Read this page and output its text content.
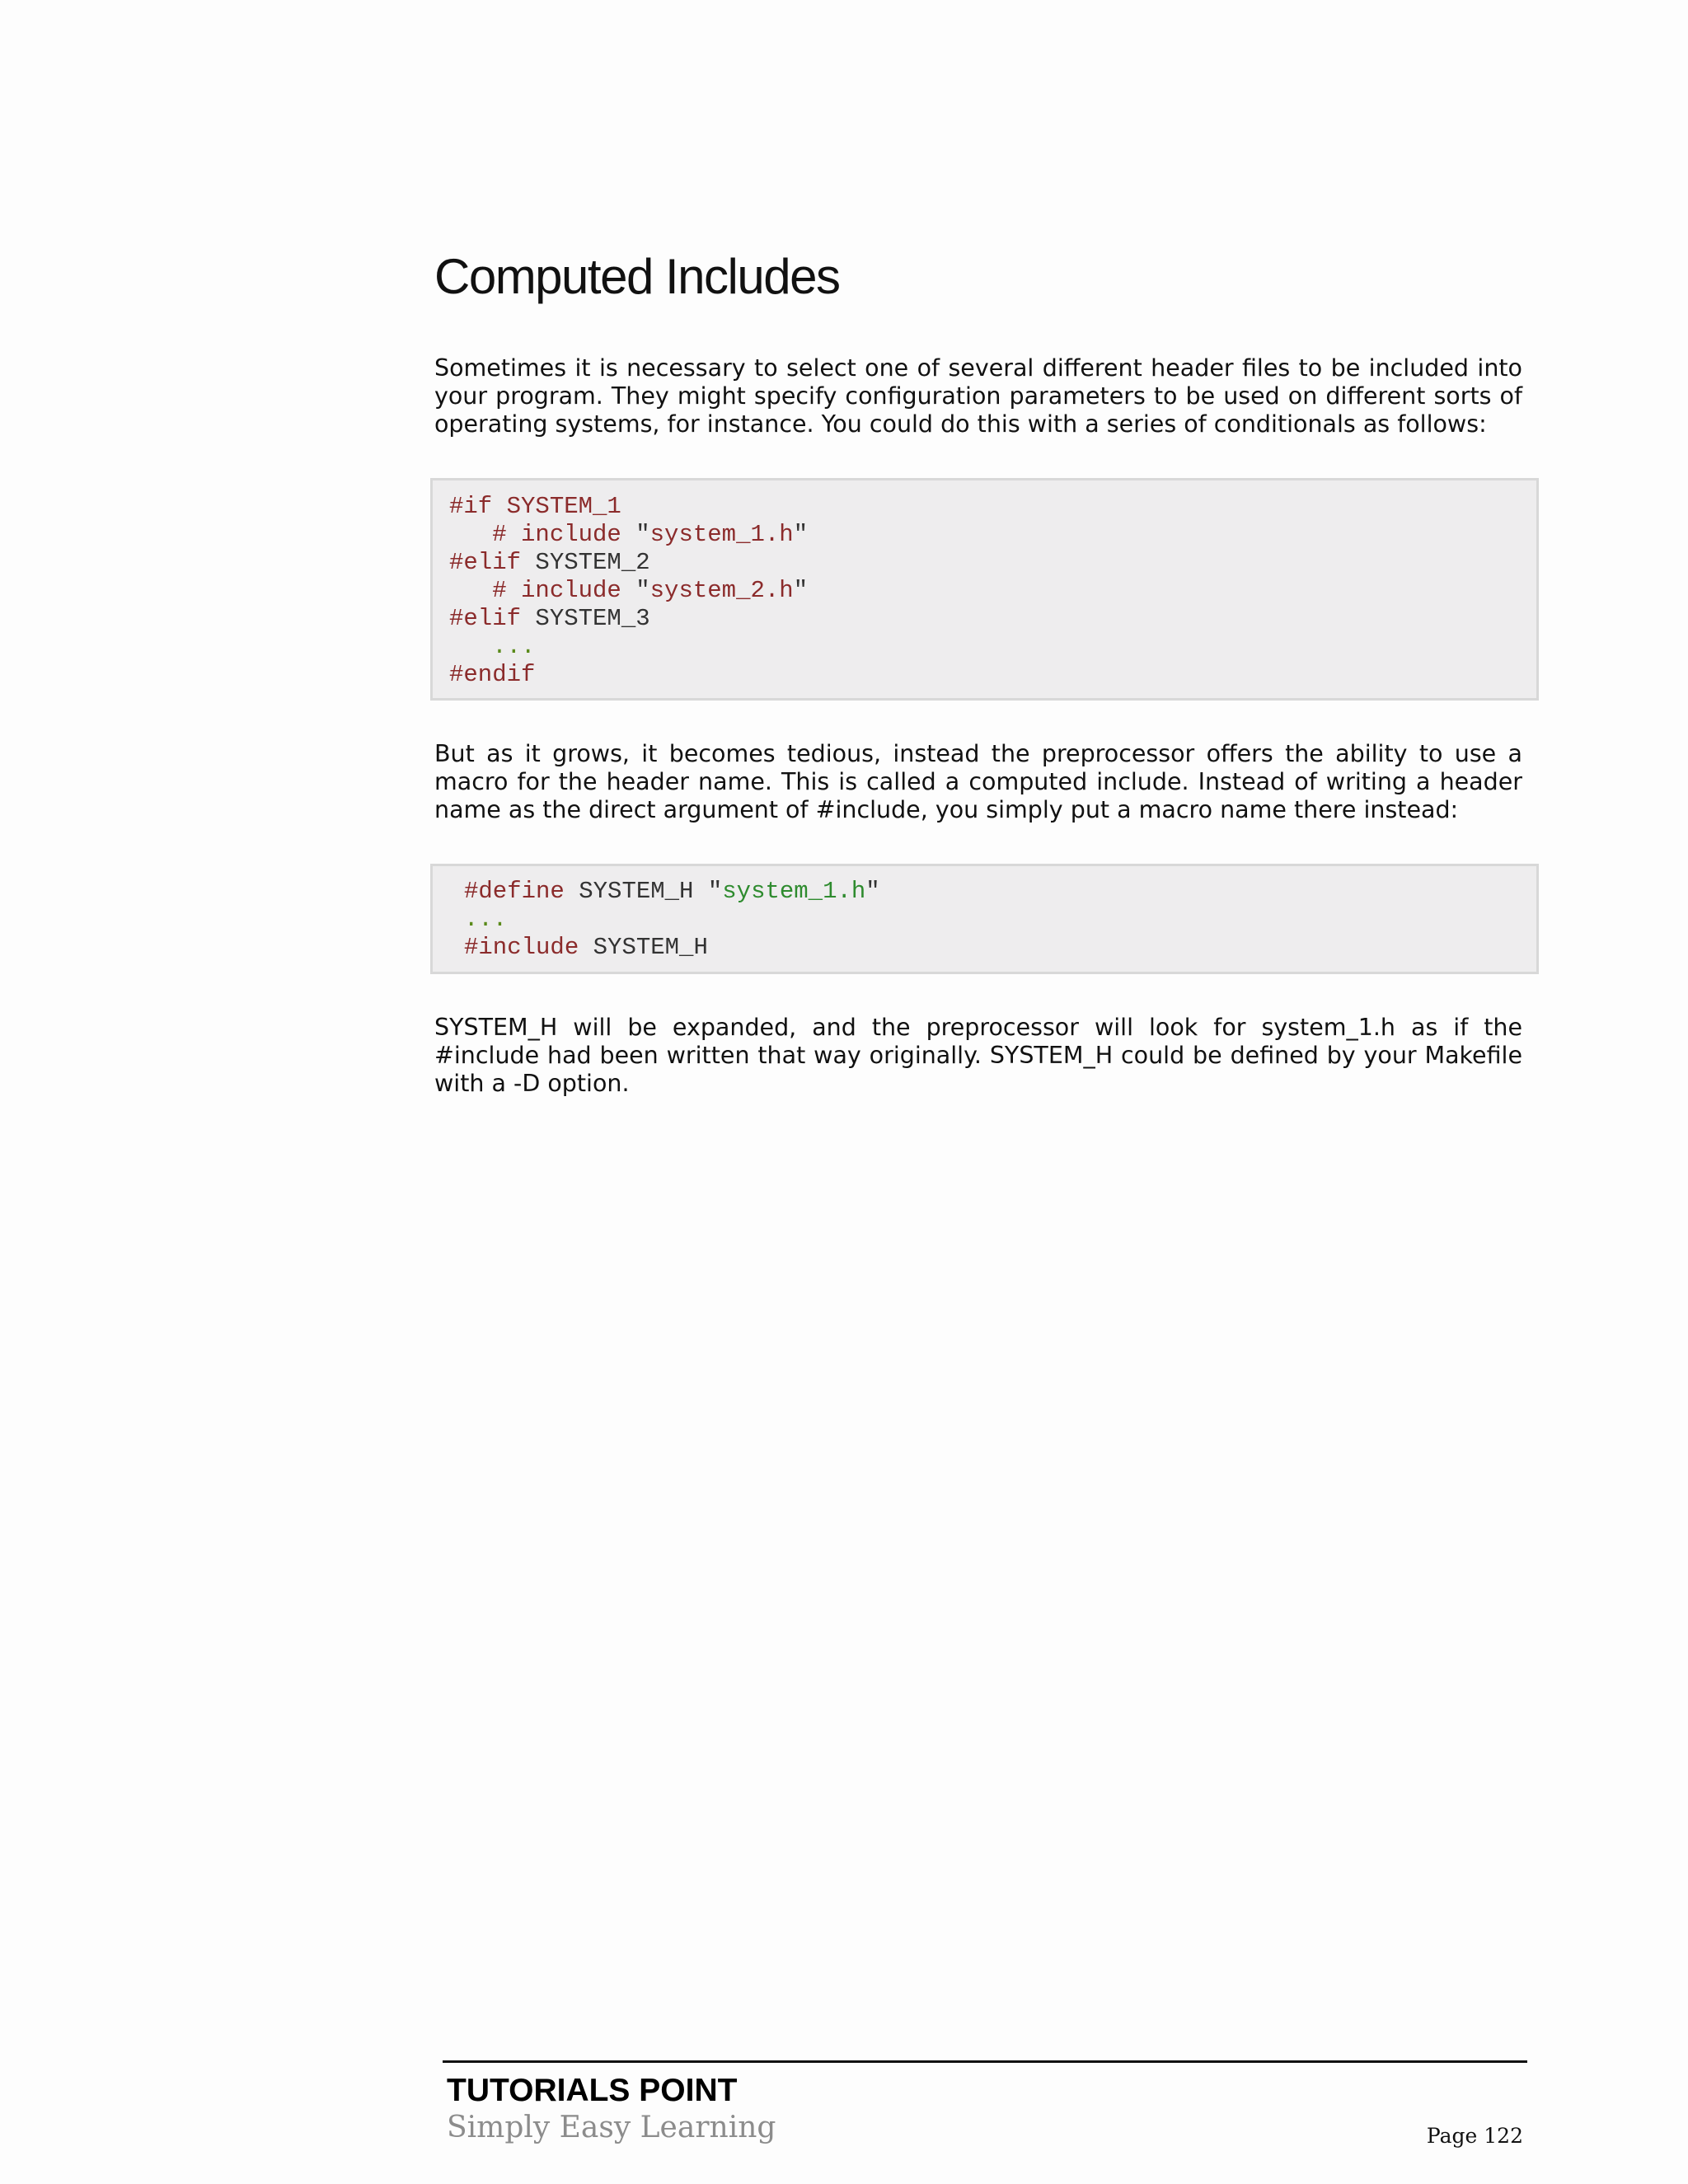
Computed Includes

Sometimes it is necessary to select one of several different header files to be included into your program. They might specify configuration parameters to be used on different sorts of operating systems, for instance. You could do this with a series of conditionals as follows:

#if SYSTEM_1
# include "system_1.h"
#elif SYSTEM_2
# include "system_2.h"
#elif SYSTEM_3
...
#endif

But as it grows, it becomes tedious, instead the preprocessor offers the ability to use a macro for the header name. This is called a computed include. Instead of writing a header name as the direct argument of #include, you simply put a macro name there instead:

#define SYSTEM_H "system_1.h"
...
#include SYSTEM_H

SYSTEM_H will be expanded, and the preprocessor will look for system_1.h as if the #include had been written that way originally. SYSTEM_H could be defined by your Makefile with a -D option.

TUTORIALS POINT
Simply Easy Learning	Page 122
